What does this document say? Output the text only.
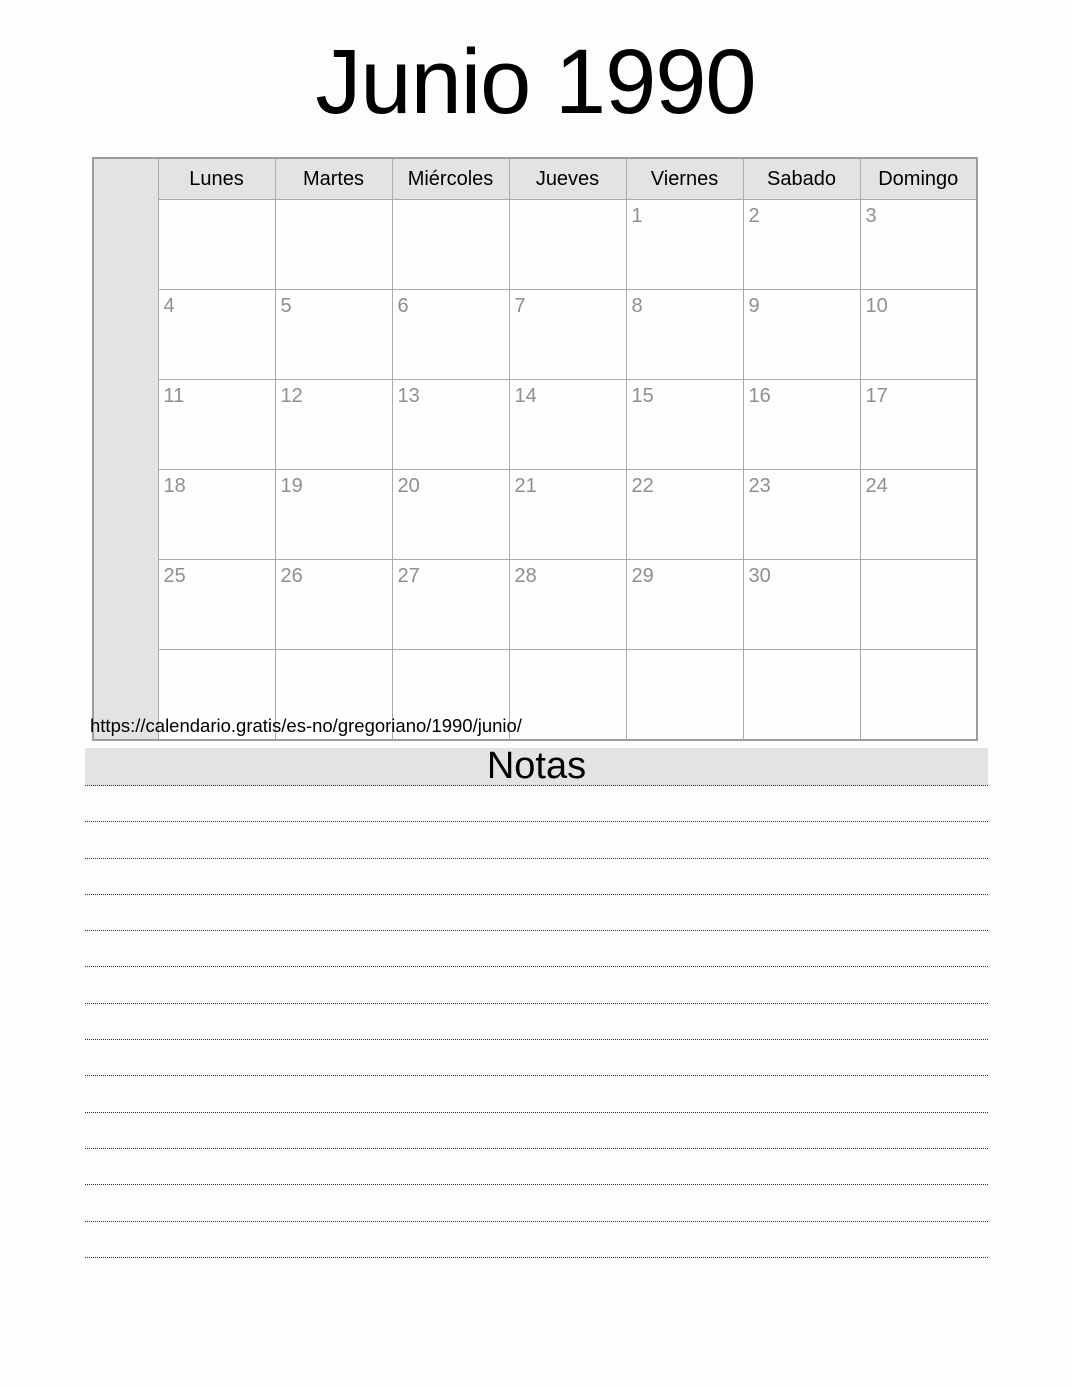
Junio 1990
	Lunes	Martes	Miércoles	Jueves	Viernes	Sabado	Domingo
					1	2	3
	4	5	6	7	8	9	10
	11	12	13	14	15	16	17
	18	19	20	21	22	23	24
	25	26	27	28	29	30	

https://calendario.gratis/es-no/gregoriano/1990/junio/
Notas
